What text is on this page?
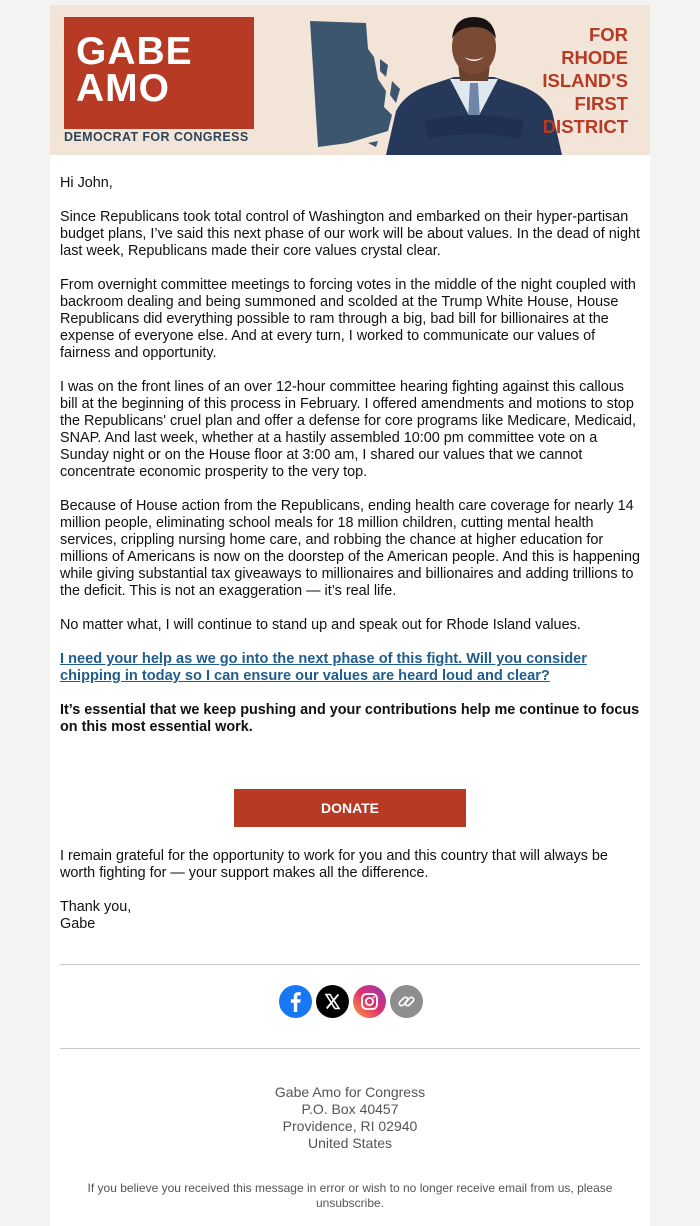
GABE
AMO
DEMOCRAT FOR CONGRESS
FOR
RHODE
ISLAND'S
FIRST
DISTRICT

Hi John,

Since Republicans took total control of Washington and embarked on their hyper-partisan budget plans, I’ve said this next phase of our work will be about values. In the dead of night last week, Republicans made their core values crystal clear.

From overnight committee meetings to forcing votes in the middle of the night coupled with backroom dealing and being summoned and scolded at the Trump White House, House Republicans did everything possible to ram through a big, bad bill for billionaires at the expense of everyone else. And at every turn, I worked to communicate our values of fairness and opportunity.

I was on the front lines of an over 12-hour committee hearing fighting against this callous bill at the beginning of this process in February. I offered amendments and motions to stop the Republicans' cruel plan and offer a defense for core programs like Medicare, Medicaid, SNAP. And last week, whether at a hastily assembled 10:00 pm committee vote on a Sunday night or on the House floor at 3:00 am, I shared our values that we cannot concentrate economic prosperity to the very top.

Because of House action from the Republicans, ending health care coverage for nearly 14 million people, eliminating school meals for 18 million children, cutting mental health services, crippling nursing home care, and robbing the chance at higher education for millions of Americans is now on the doorstep of the American people. And this is happening while giving substantial tax giveaways to millionaires and billionaires and adding trillions to the deficit. This is not an exaggeration — it’s real life.

No matter what, I will continue to stand up and speak out for Rhode Island values.

I need your help as we go into the next phase of this fight. Will you consider chipping in today so I can ensure our values are heard loud and clear?

It’s essential that we keep pushing and your contributions help me continue to focus on this most essential work.

DONATE

I remain grateful for the opportunity to work for you and this country that will always be worth fighting for — your support makes all the difference.

Thank you,
Gabe

Gabe Amo for Congress
P.O. Box 40457
Providence, RI 02940
United States
If you believe you received this message in error or wish to no longer receive email from us, please unsubscribe.
